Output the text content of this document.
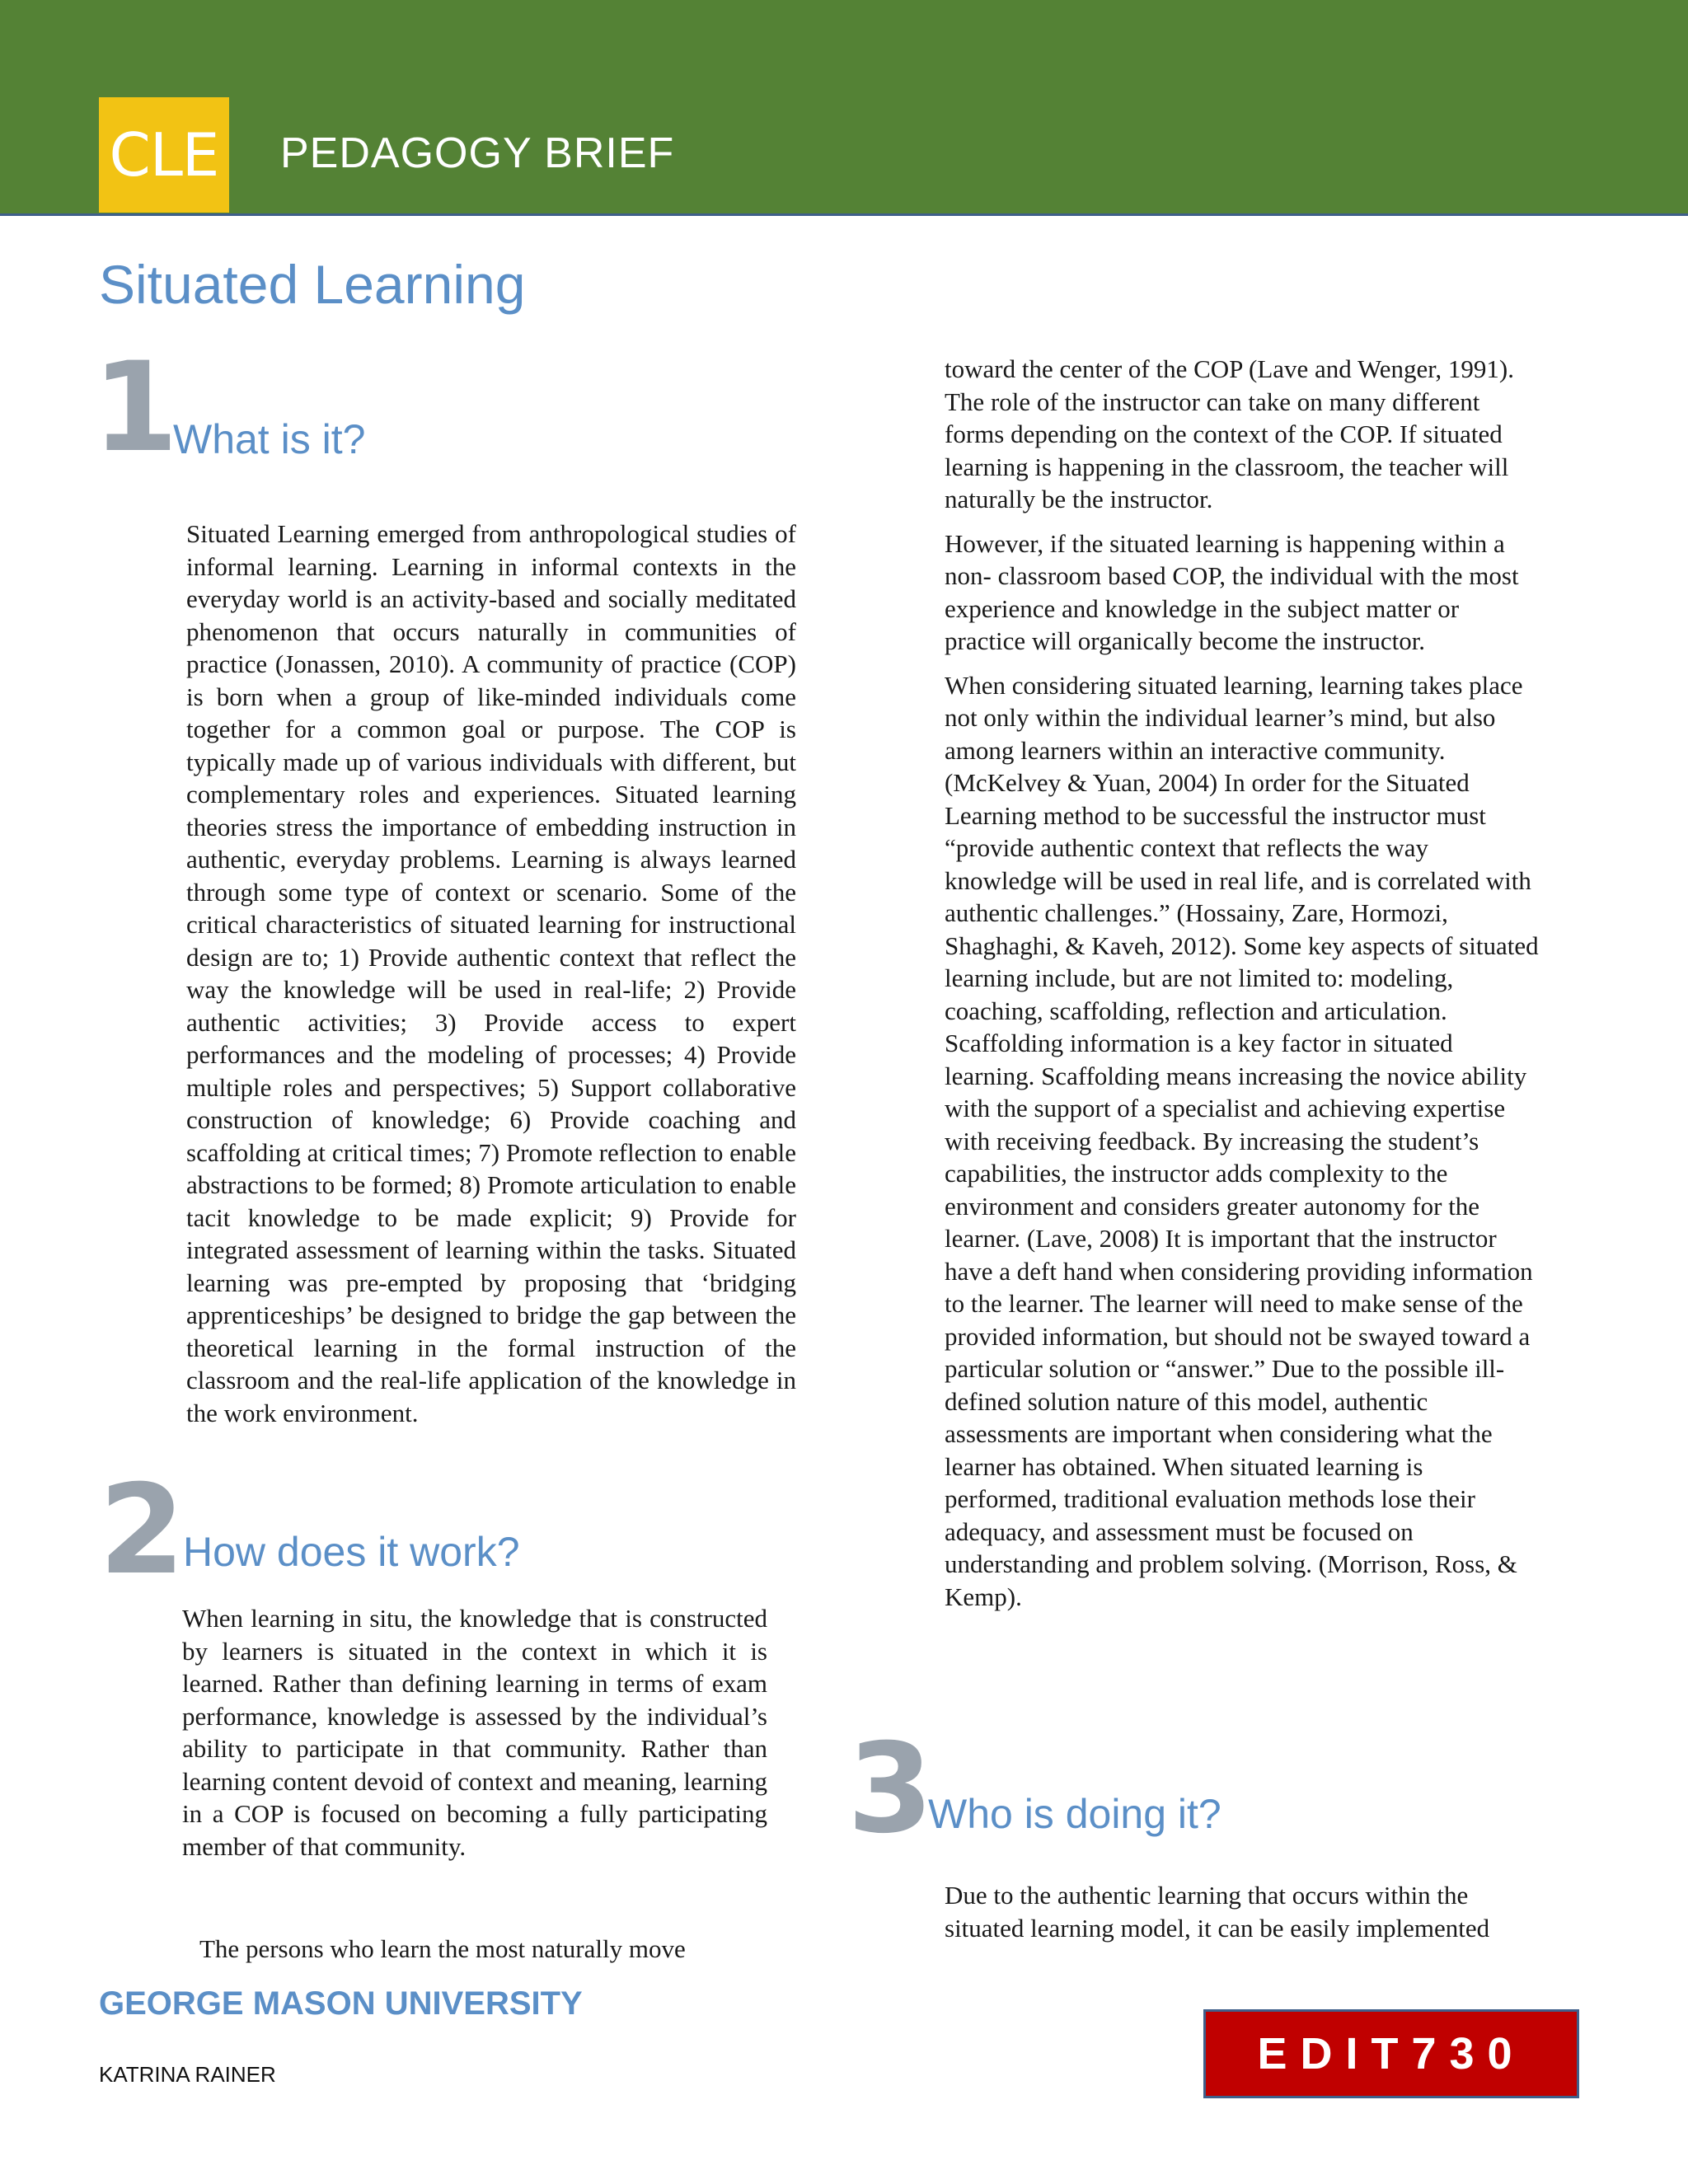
CLE PEDAGOGY BRIEF
Situated Learning
1
What is it?

Situated Learning emerged from anthropological studies of informal learning. Learning in informal contexts in the everyday world is an activity-based and socially meditated phenomenon that occurs naturally in communities of practice (Jonassen, 2010). A community of practice (COP) is born when a group of like-minded individuals come together for a common goal or purpose. The COP is typically made up of various individuals with different, but complementary roles and experiences. Situated learning theories stress the importance of embedding instruction in authentic, everyday problems. Learning is always learned through some type of context or scenario. Some of the critical characteristics of situated learning for instructional design are to; 1) Provide authentic context that reflect the way the knowledge will be used in real-life; 2) Provide authentic activities; 3) Provide access to expert performances and the modeling of processes; 4) Provide multiple roles and perspectives; 5) Support collaborative construction of knowledge; 6) Provide coaching and scaffolding at critical times; 7) Promote reflection to enable abstractions to be formed; 8) Promote articulation to enable tacit knowledge to be made explicit; 9) Provide for integrated assessment of learning within the tasks. Situated learning was pre-empted by proposing that ‘bridging apprenticeships’ be designed to bridge the gap between the theoretical learning in the formal instruction of the classroom and the real-life application of the knowledge in the work environment.

2 How does it work?

When learning in situ, the knowledge that is constructed by learners is situated in the context in which it is learned. Rather than defining learning in terms of exam performance, knowledge is assessed by the individual’s ability to participate in that community. Rather than learning content devoid of context and meaning, learning in a COP is focused on becoming a fully participating member of that community.

The persons who learn the most naturally move

toward the center of the COP (Lave and Wenger, 1991). The role of the instructor can take on many different forms depending on the context of the COP. If situated learning is happening in the classroom, the teacher will naturally be the instructor.

However, if the situated learning is happening within a non- classroom based COP, the individual with the most experience and knowledge in the subject matter or practice will organically become the instructor.

When considering situated learning, learning takes place not only within the individual learner’s mind, but also among learners within an interactive community. (McKelvey & Yuan, 2004) In order for the Situated Learning method to be successful the instructor must “provide authentic context that reflects the way knowledge will be used in real life, and is correlated with authentic challenges.” (Hossainy, Zare, Hormozi, Shaghaghi, & Kaveh, 2012). Some key aspects of situated learning include, but are not limited to: modeling, coaching, scaffolding, reflection and articulation. Scaffolding information is a key factor in situated learning. Scaffolding means increasing the novice ability with the support of a specialist and achieving expertise with receiving feedback. By increasing the student’s capabilities, the instructor adds complexity to the environment and considers greater autonomy for the learner. (Lave, 2008) It is important that the instructor have a deft hand when considering providing information to the learner. The learner will need to make sense of the provided information, but should not be swayed toward a particular solution or “answer.” Due to the possible ill-defined solution nature of this model, authentic assessments are important when considering what the learner has obtained. When situated learning is performed, traditional evaluation methods lose their adequacy, and assessment must be focused on understanding and problem solving. (Morrison, Ross, & Kemp).

3
Who is doing it?

Due to the authentic learning that occurs within the situated learning model, it can be easily implemented

GEORGE MASON UNIVERSITY
KATRINA RAINER	EDIT730
